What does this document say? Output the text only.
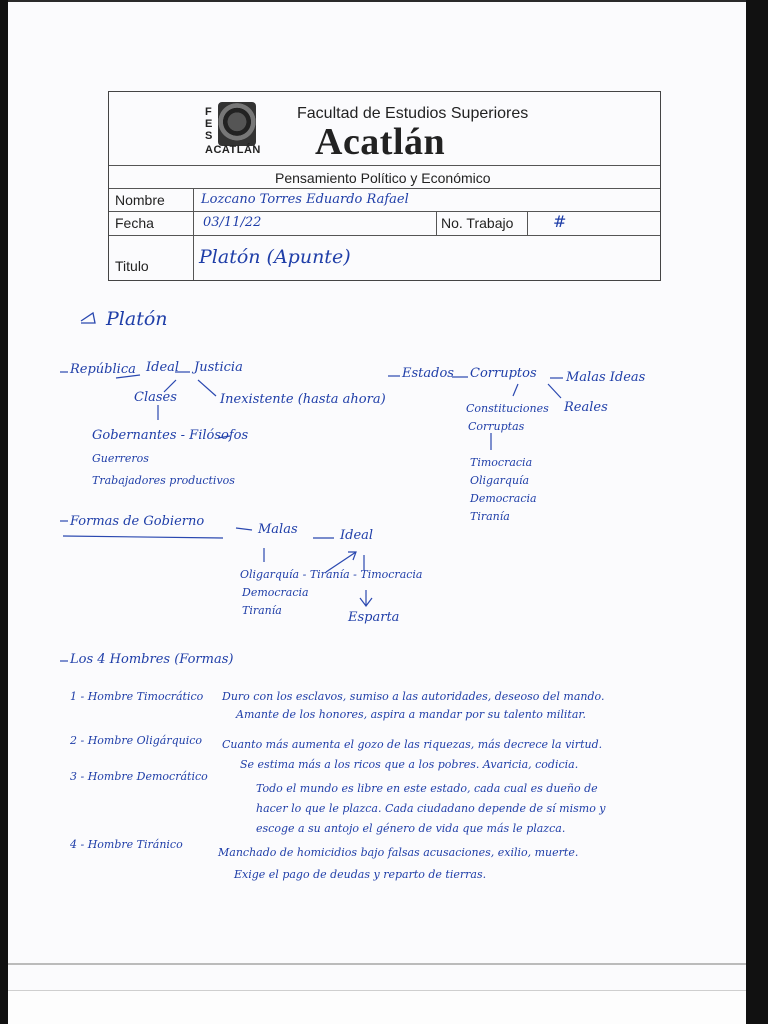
F
E
S
ACATLÁN
Facultad de Estudios Superiores
Acatlán
Pensamiento Político y Económico
Nombre	Lozcano Torres Eduardo Rafael
Fecha	03/11/22	No. Trabajo #
Titulo	Platón (Apunte)
Platón
República Ideal Justicia
Clases	Inexistente (hasta ahora)
Gobernantes - Filósofos
Guerreros
Trabajadores productivos
Estados Corruptos Malas Ideas
Reales
Constituciones
Corruptas
Timocracia
Oligarquía
Democracia
Tiranía
Formas de Gobierno
Malas	Ideal
Oligarquía - Tiranía - Timocracia
Democracia
Tiranía	Esparta
Los 4 Hombres (Formas)
1 - Hombre Timocrático Duro con los esclavos, sumiso a las autoridades, deseoso del mando.
Amante de los honores, aspira a mandar por su talento militar.
2 - Hombre Oligárquico Cuanto más aumenta el gozo de las riquezas, más decrece la virtud.
Se estima más a los ricos que a los pobres. Avaricia, codicia.
3 - Hombre Democrático
Todo el mundo es libre en este estado, cada cual es dueño de
hacer lo que le plazca. Cada ciudadano depende de sí mismo y
escoge a su antojo el género de vida que más le plazca.
4 - Hombre Tiránico
Manchado de homicidios bajo falsas acusaciones, exilio, muerte.
Exige el pago de deudas y reparto de tierras.
